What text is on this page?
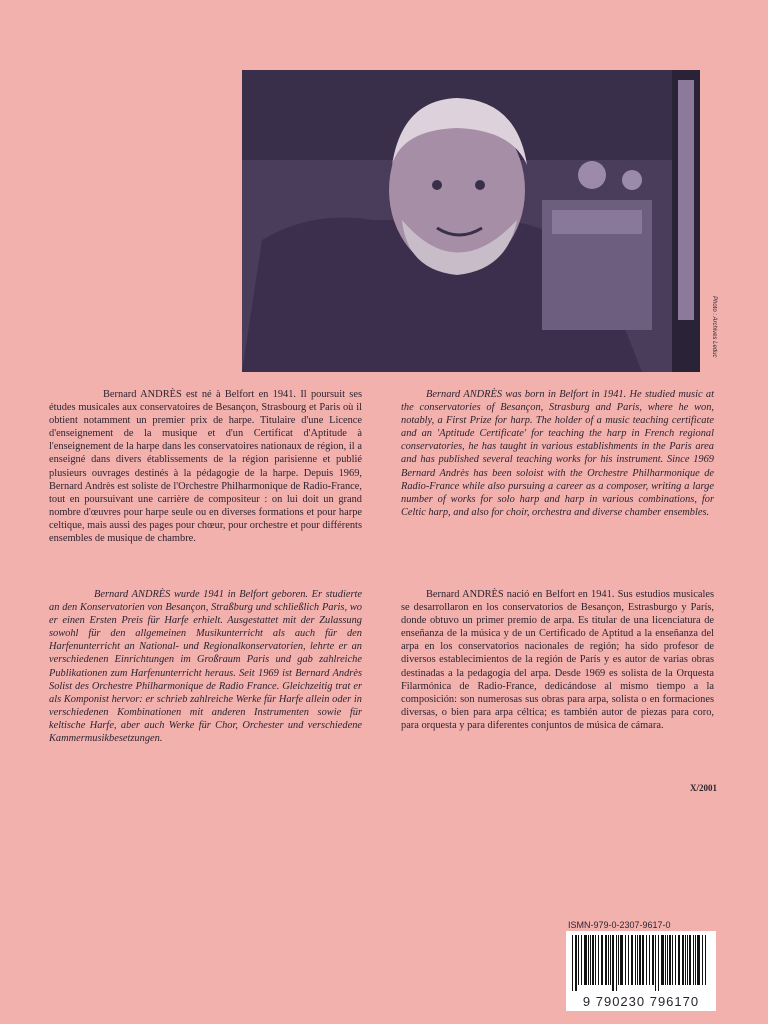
Photo : Archives Leduc

Bernard ANDRÈS est né à Belfort en 1941. Il poursuit ses études musicales aux conservatoires de Besançon, Strasbourg et Paris où il obtient notamment un premier prix de harpe. Titulaire d'une Licence d'enseignement de la musique et d'un Certificat d'Aptitude à l'enseignement de la harpe dans les conservatoires nationaux de région, il a enseigné dans divers établissements de la région parisienne et publié plusieurs ouvrages destinés à la pédagogie de la harpe. Depuis 1969, Bernard Andrès est soliste de l'Orchestre Philharmonique de Radio-France, tout en poursuivant une carrière de compositeur : on lui doit un grand nombre d'œuvres pour harpe seule ou en diverses formations et pour harpe celtique, mais aussi des pages pour chœur, pour orchestre et pour différents ensembles de musique de chambre.

Bernard ANDRÈS was born in Belfort in 1941. He studied music at the conservatories of Besançon, Strasburg and Paris, where he won, notably, a First Prize for harp. The holder of a music teaching certificate and an 'Aptitude Certificate' for teaching the harp in French regional conservatories, he has taught in various establishments in the Paris area and has published several teaching works for his instrument. Since 1969 Bernard Andrès has been soloist with the Orchestre Philharmonique de Radio-France while also pursuing a career as a composer, writing a large number of works for solo harp and harp in various combinations, for Celtic harp, and also for choir, orchestra and diverse chamber ensembles.

Bernard ANDRÈS wurde 1941 in Belfort geboren. Er studierte an den Konservatorien von Besançon, Straßburg und schließlich Paris, wo er einen Ersten Preis für Harfe erhielt. Ausgestattet mit der Zulassung sowohl für den allgemeinen Musikunterricht als auch für den Harfenunterricht an National- und Regionalkonservatorien, lehrte er an verschiedenen Einrichtungen im Großraum Paris und gab zahlreiche Publikationen zum Harfenunterricht heraus. Seit 1969 ist Bernard Andrès Solist des Orchestre Philharmonique de Radio France. Gleichzeitig trat er als Komponist hervor: er schrieb zahlreiche Werke für Harfe allein oder in verschiedenen Kombinationen mit anderen Instrumenten sowie für keltische Harfe, aber auch Werke für Chor, Orchester und verschiedene Kammermusikbesetzungen.

Bernard ANDRÈS nació en Belfort en 1941. Sus estudios musicales se desarrollaron en los conservatorios de Besançon, Estrasburgo y París, donde obtuvo un primer premio de arpa. Es titular de una licenciatura de enseñanza de la música y de un Certificado de Aptitud a la enseñanza del arpa en los conservatorios nacionales de región; ha sido profesor de diversos establecimientos de la región de París y es autor de varias obras destinadas a la pedagogía del arpa. Desde 1969 es solista de la Orquesta Filarmónica de Radio-France, dedicándose al mismo tiempo a la composición: son numerosas sus obras para arpa, solista o en formaciones diversas, o bien para arpa céltica; es también autor de piezas para coro, para orquesta y para diferentes conjuntos de música de cámara.

X/2001
ISMN-979-0-2307-9617-0
9 790230 796170
